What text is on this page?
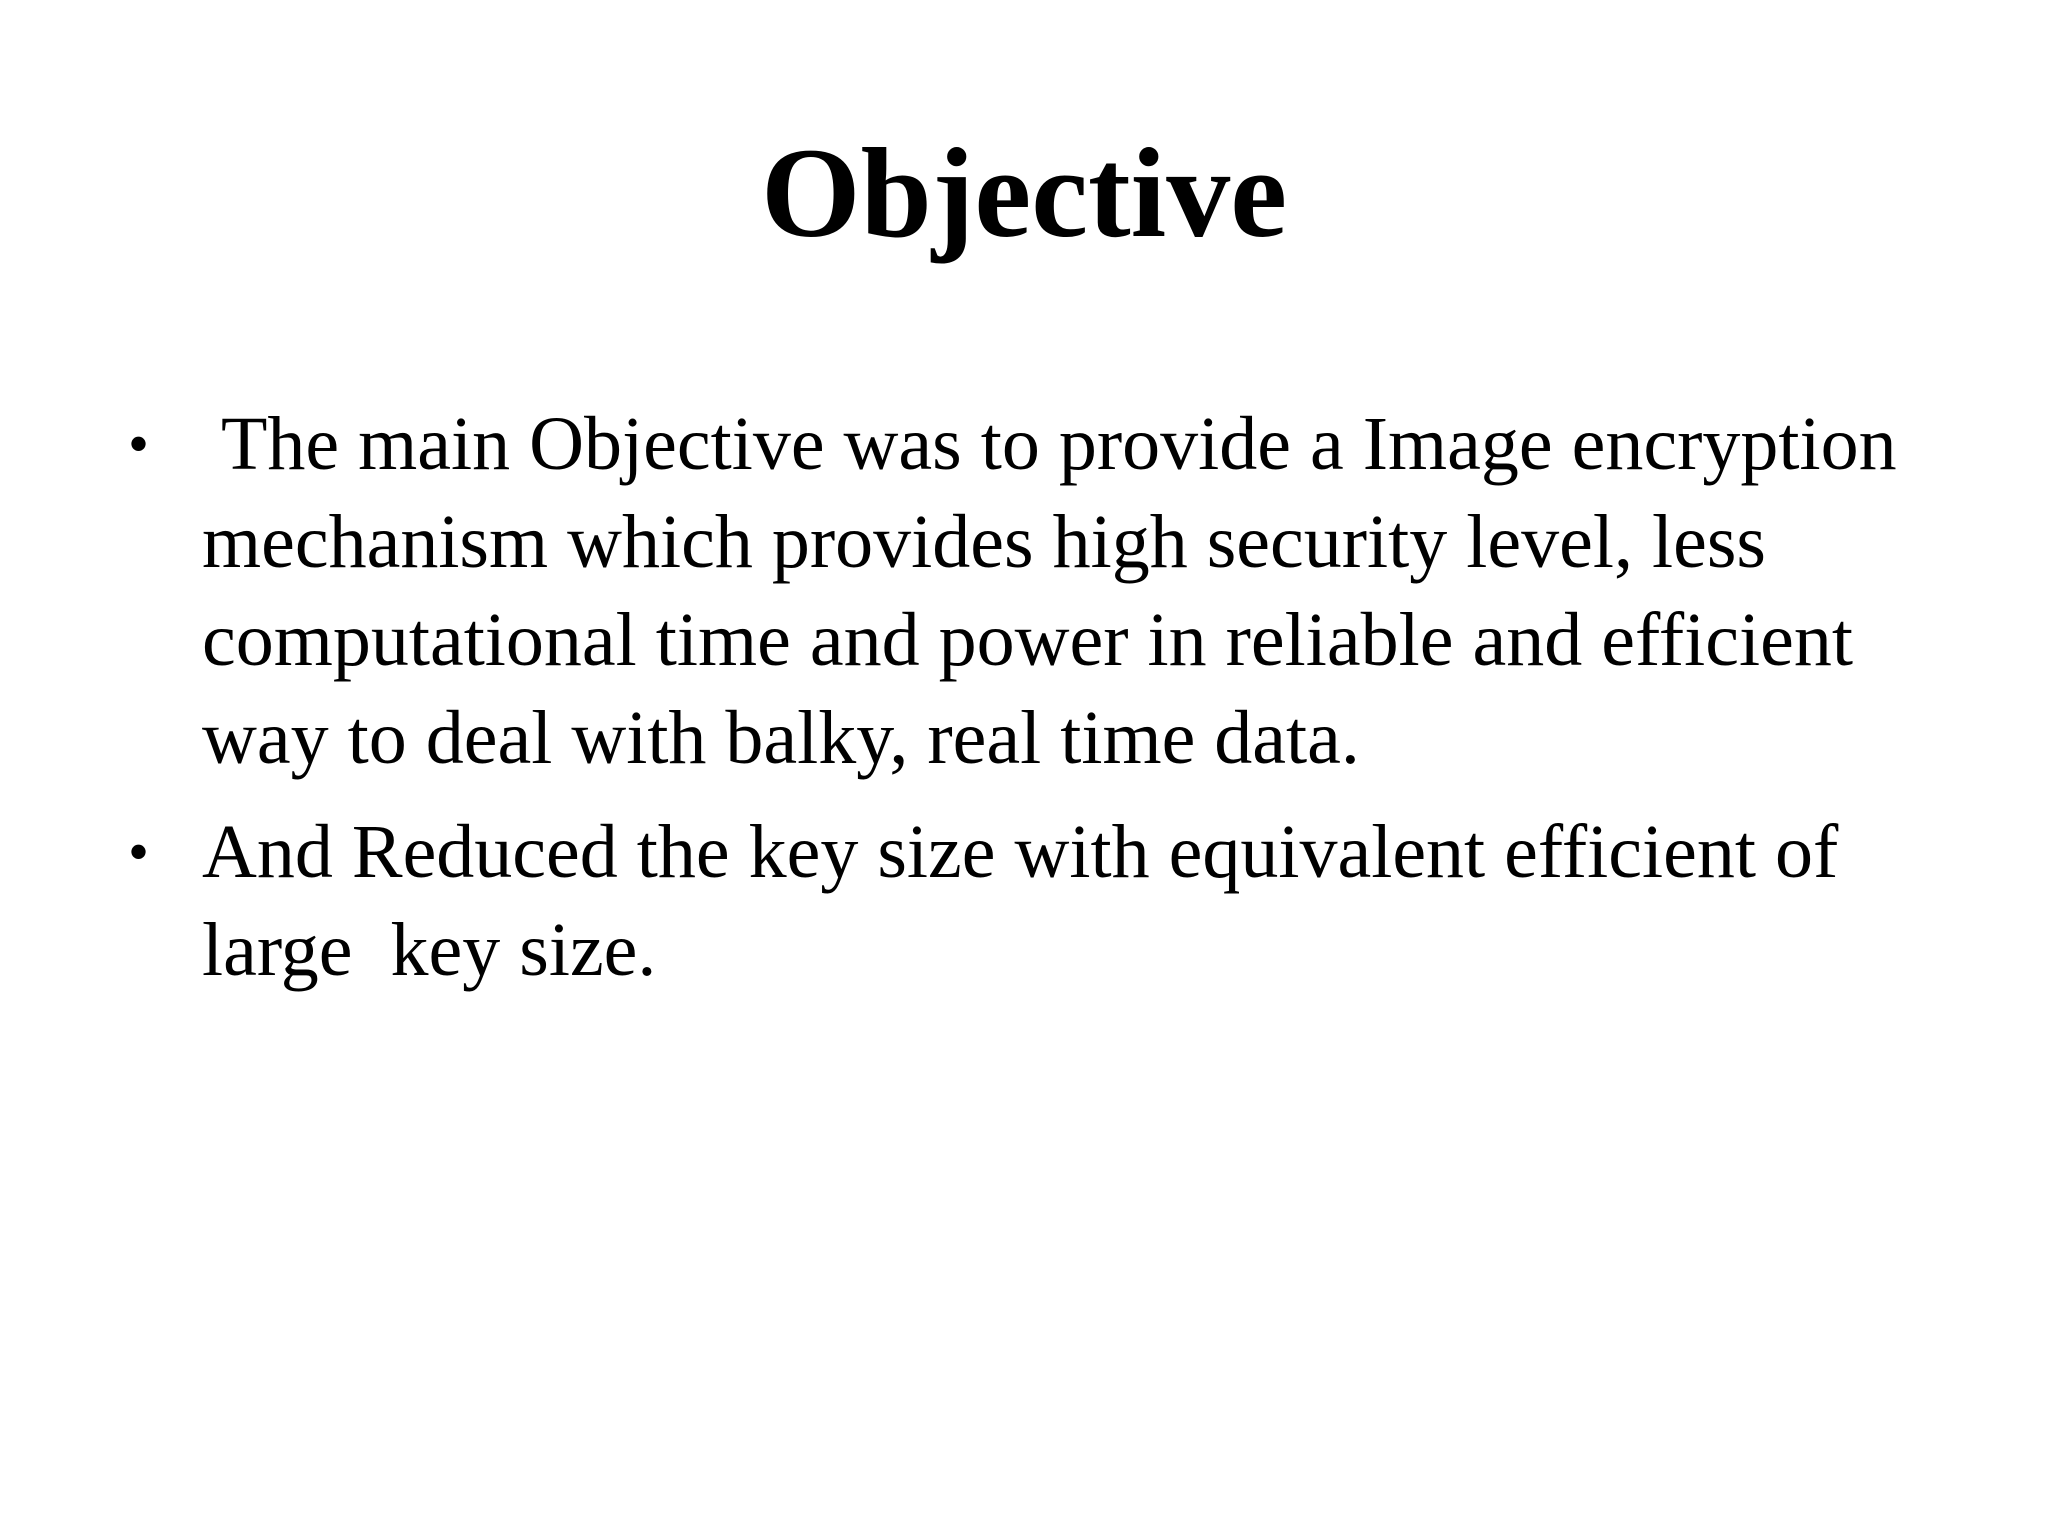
Objective
• The main Objective was to provide a Image encryption mechanism which provides high security level, less computational time and power in reliable and efficient way to deal with balky, real time data.
• And Reduced the key size with equivalent efficient of large  key size.
